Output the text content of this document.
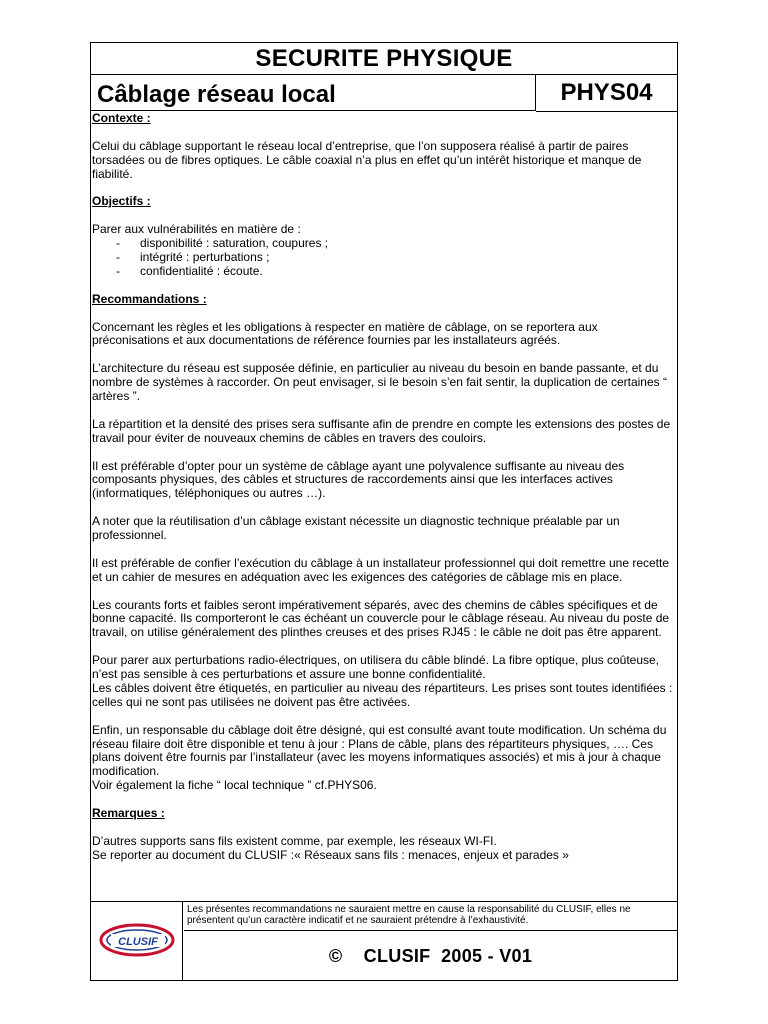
SECURITE PHYSIQUE
Câblage réseau local	PHYS04
Contexte :

Celui du câblage supportant le réseau local d’entreprise, que l’on supposera réalisé à partir de paires torsadées ou de fibres optiques. Le câble coaxial n’a plus en effet qu’un intérêt historique et manque de fiabilité.

Objectifs :

Parer aux vulnérabilités en matière de :

- disponibilité : saturation, coupures ;
- intégrité : perturbations ;
- confidentialité : écoute.
Recommandations :

Concernant les règles et les obligations à respecter en matière de câblage, on se reportera aux préconisations et aux documentations de référence fournies par les installateurs agréés.

L’architecture du réseau est supposée définie, en particulier au niveau du besoin en bande passante, et du nombre de systèmes à raccorder. On peut envisager, si le besoin s’en fait sentir, la duplication de certaines “ artères ”.

La répartition et la densité des prises sera suffisante afin de prendre en compte les extensions des postes de travail pour éviter de nouveaux chemins de câbles en travers des couloirs.

Il est préférable d’opter pour un système de câblage ayant une polyvalence suffisante au niveau des composants physiques, des câbles et structures de raccordements ainsi que les interfaces actives (informatiques, téléphoniques ou autres …).

A noter que la réutilisation d’un câblage existant nécessite un diagnostic technique préalable par un professionnel.

Il est préférable de confier l’exécution du câblage à un installateur professionnel qui doit remettre une recette et un cahier de mesures en adéquation avec les exigences des catégories de câblage mis en place.

Les courants forts et faibles seront impérativement séparés, avec des chemins de câbles spécifiques et de bonne capacité. Ils comporteront le cas échéant un couvercle pour le câblage réseau. Au niveau du poste de travail, on utilise généralement des plinthes creuses et des prises RJ45 : le câble ne doit pas être apparent.

Pour parer aux perturbations radio-électriques, on utilisera du câble blindé. La fibre optique, plus coûteuse, n’est pas sensible à ces perturbations et assure une bonne confidentialité.

Les câbles doivent être étiquetés, en particulier au niveau des répartiteurs. Les prises sont toutes identifiées : celles qui ne sont pas utilisées ne doivent pas être activées.

Enfin, un responsable du câblage doit être désigné, qui est consulté avant toute modification. Un schéma du réseau filaire doit être disponible et tenu à jour : Plans de câble, plans des répartiteurs physiques, …. Ces plans doivent être fournis par l’installateur (avec les moyens informatiques associés) et mis à jour à chaque modification.

Voir également la fiche “ local technique ” cf.PHYS06.

Remarques :

D’autres supports sans fils existent comme, par exemple, les réseaux WI-FI.

Se reporter au document du CLUSIF :« Réseaux sans fils : menaces, enjeux et parades »

CLUSIF
Les présentes recommandations ne sauraient mettre en cause la responsabilité du CLUSIF, elles ne présentent qu’un caractère indicatif et ne sauraient prétendre à l’exhaustivité.
© CLUSIF  2005 - V01
